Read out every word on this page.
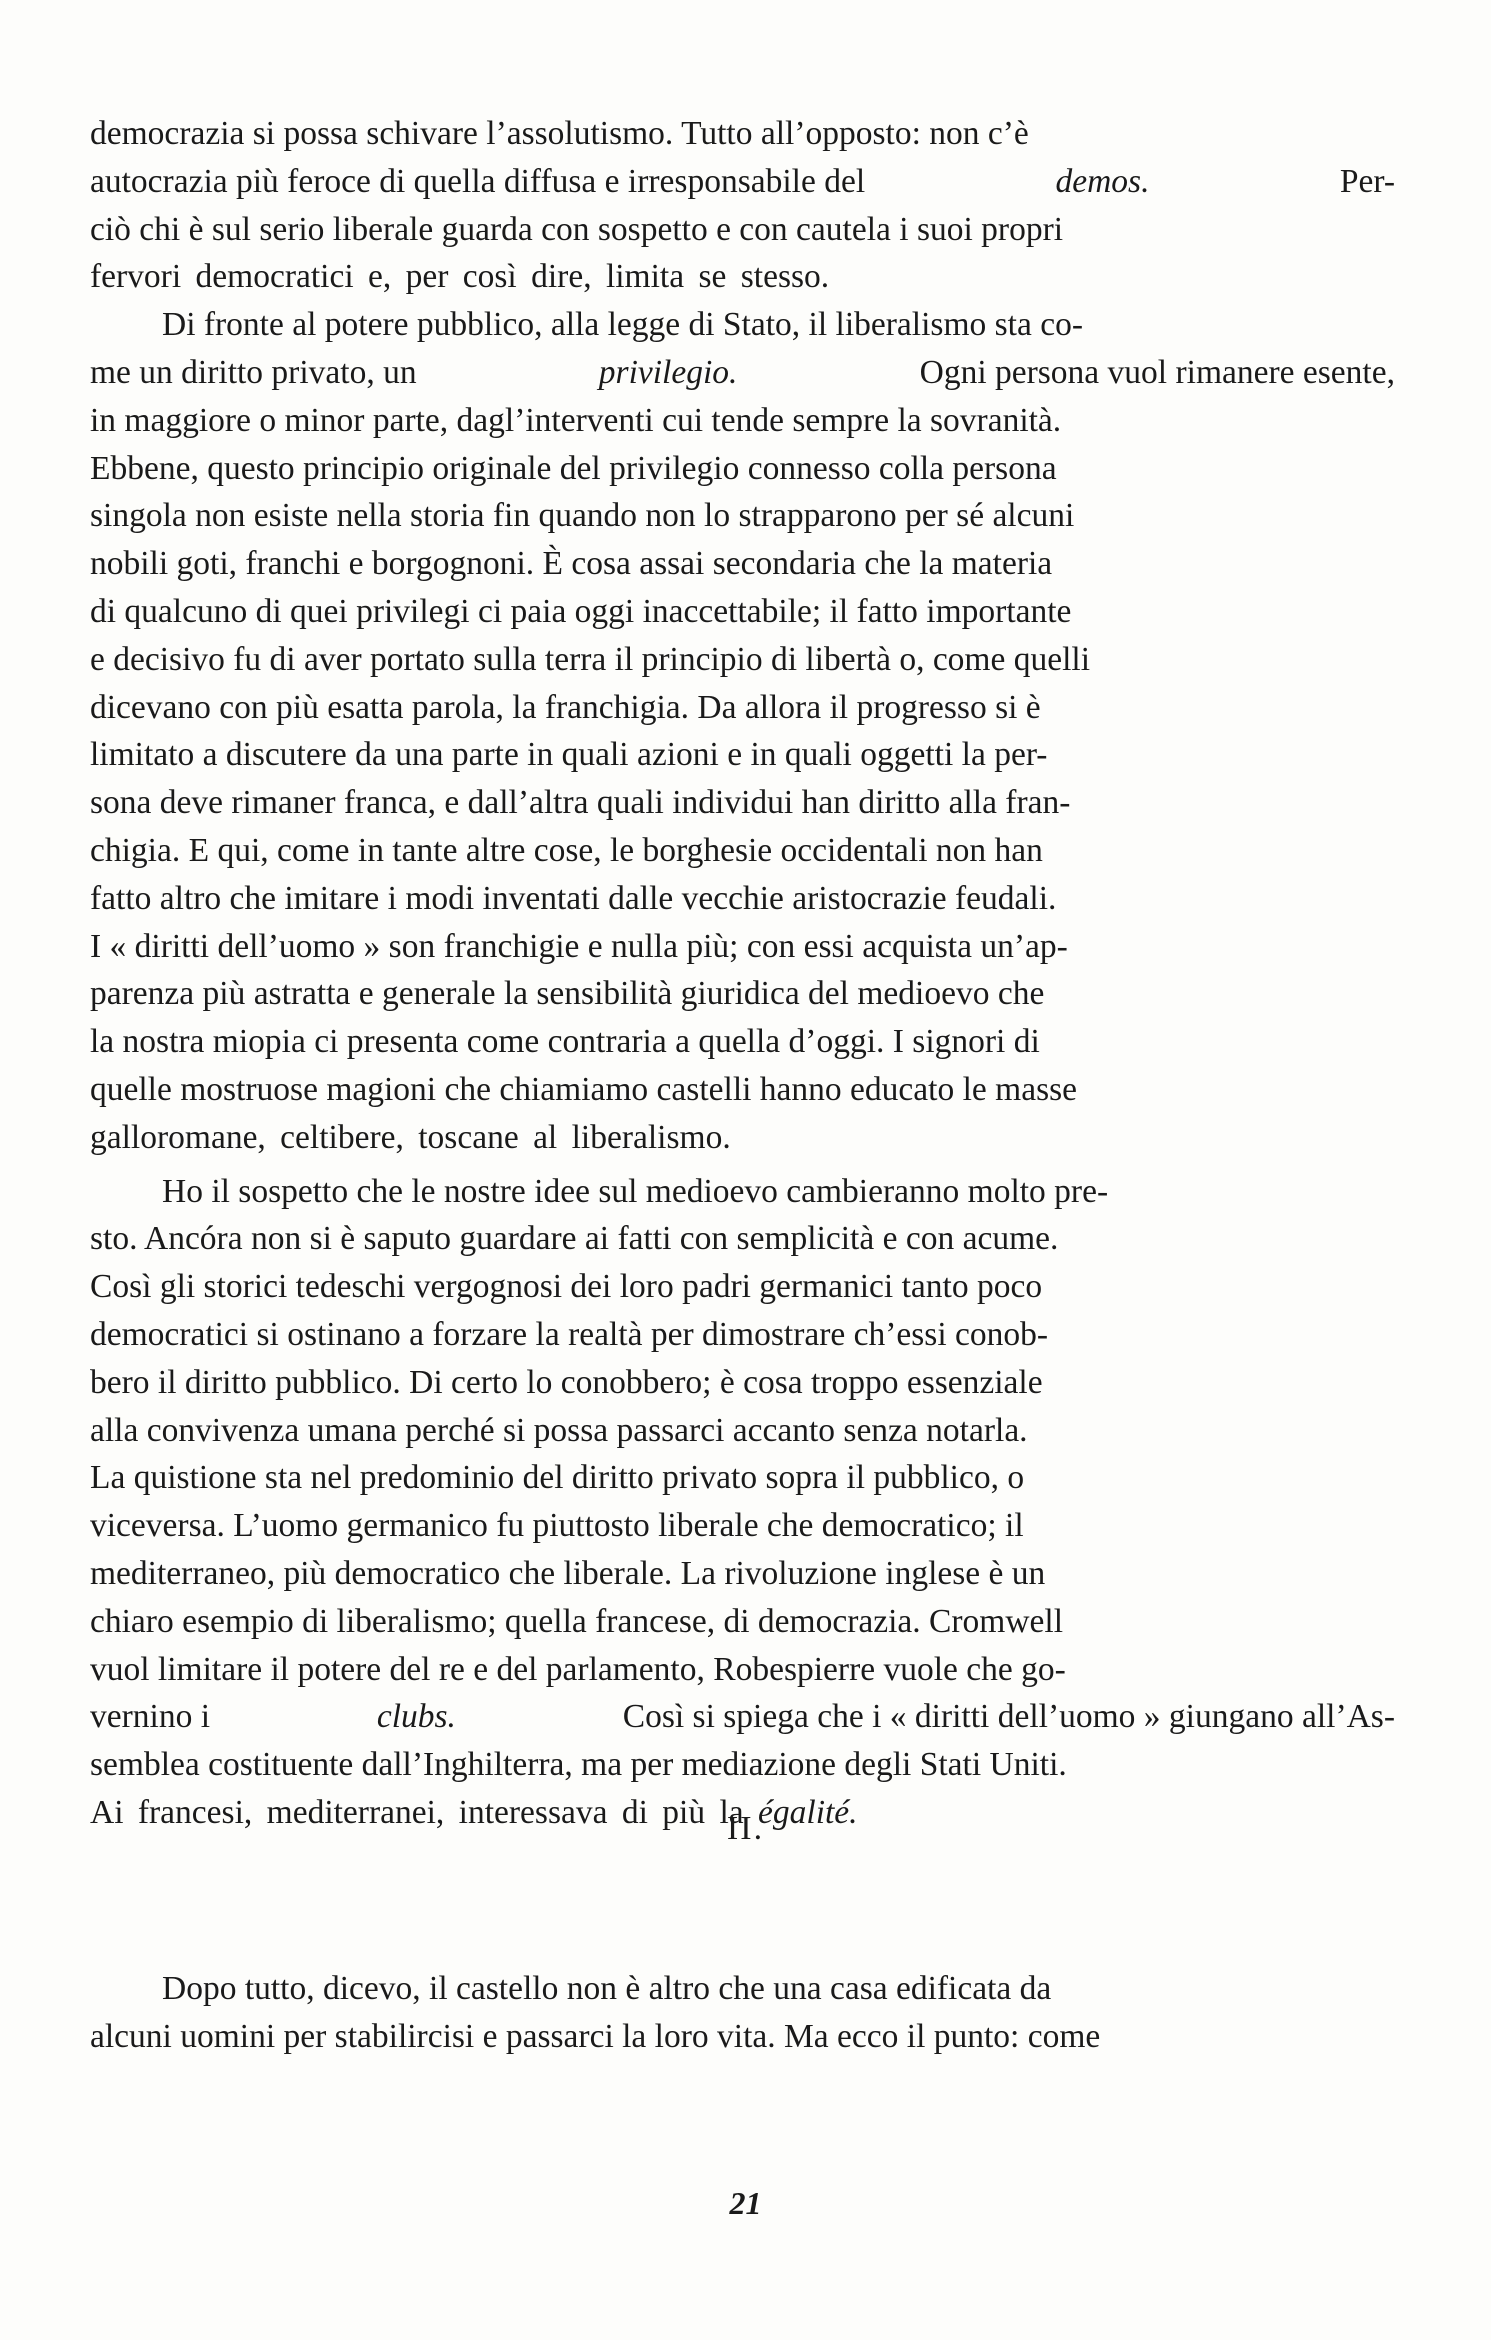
democrazia si possa schivare l’assolutismo. Tutto all’opposto: non c’è
autocrazia più feroce di quella diffusa e irresponsabile del	demos.	Per-
ciò chi è sul serio liberale guarda con sospetto e con cautela i suoi propri
fervori democratici e, per così dire, limita se stesso.
Di fronte al potere pubblico, alla legge di Stato, il liberalismo sta co-
me un diritto privato, un	privilegio.	Ogni persona vuol rimanere esente,
in maggiore o minor parte, dagl’interventi cui tende sempre la sovranità.
Ebbene, questo principio originale del privilegio connesso colla persona
singola non esiste nella storia fin quando non lo strapparono per sé alcuni
nobili goti, franchi e borgognoni. È cosa assai secondaria che la materia
di qualcuno di quei privilegi ci paia oggi inaccettabile; il fatto importante
e decisivo fu di aver portato sulla terra il principio di libertà o, come quelli
dicevano con più esatta parola, la franchigia. Da allora il progresso si è
limitato a discutere da una parte in quali azioni e in quali oggetti la per-
sona deve rimaner franca, e dall’altra quali individui han diritto alla fran-
chigia. E qui, come in tante altre cose, le borghesie occidentali non han
fatto altro che imitare i modi inventati dalle vecchie aristocrazie feudali.
I « diritti dell’uomo » son franchigie e nulla più; con essi acquista un’ap-
parenza più astratta e generale la sensibilità giuridica del medioevo che
la nostra miopia ci presenta come contraria a quella d’oggi. I signori di
quelle mostruose magioni che chiamiamo castelli hanno educato le masse
galloromane, celtibere, toscane al liberalismo.
Ho il sospetto che le nostre idee sul medioevo cambieranno molto pre-
sto. Ancóra non si è saputo guardare ai fatti con semplicità e con acume.
Così gli storici tedeschi vergognosi dei loro padri germanici tanto poco
democratici si ostinano a forzare la realtà per dimostrare ch’essi conob-
bero il diritto pubblico. Di certo lo conobbero; è cosa troppo essenziale
alla convivenza umana perché si possa passarci accanto senza notarla.
La quistione sta nel predominio del diritto privato sopra il pubblico, o
viceversa. L’uomo germanico fu piuttosto liberale che democratico; il
mediterraneo, più democratico che liberale. La rivoluzione inglese è un
chiaro esempio di liberalismo; quella francese, di democrazia. Cromwell
vuol limitare il potere del re e del parlamento, Robespierre vuole che go-
vernino i	clubs.	Così si spiega che i « diritti dell’uomo » giungano all’As-
semblea costituente dall’Inghilterra, ma per mediazione degli Stati Uniti.
Ai francesi, mediterranei, interessava di più la
égalité.
II.
Dopo tutto, dicevo, il castello non è altro che una casa edificata da
alcuni uomini per stabilircisi e passarci la loro vita. Ma ecco il punto: come
21
